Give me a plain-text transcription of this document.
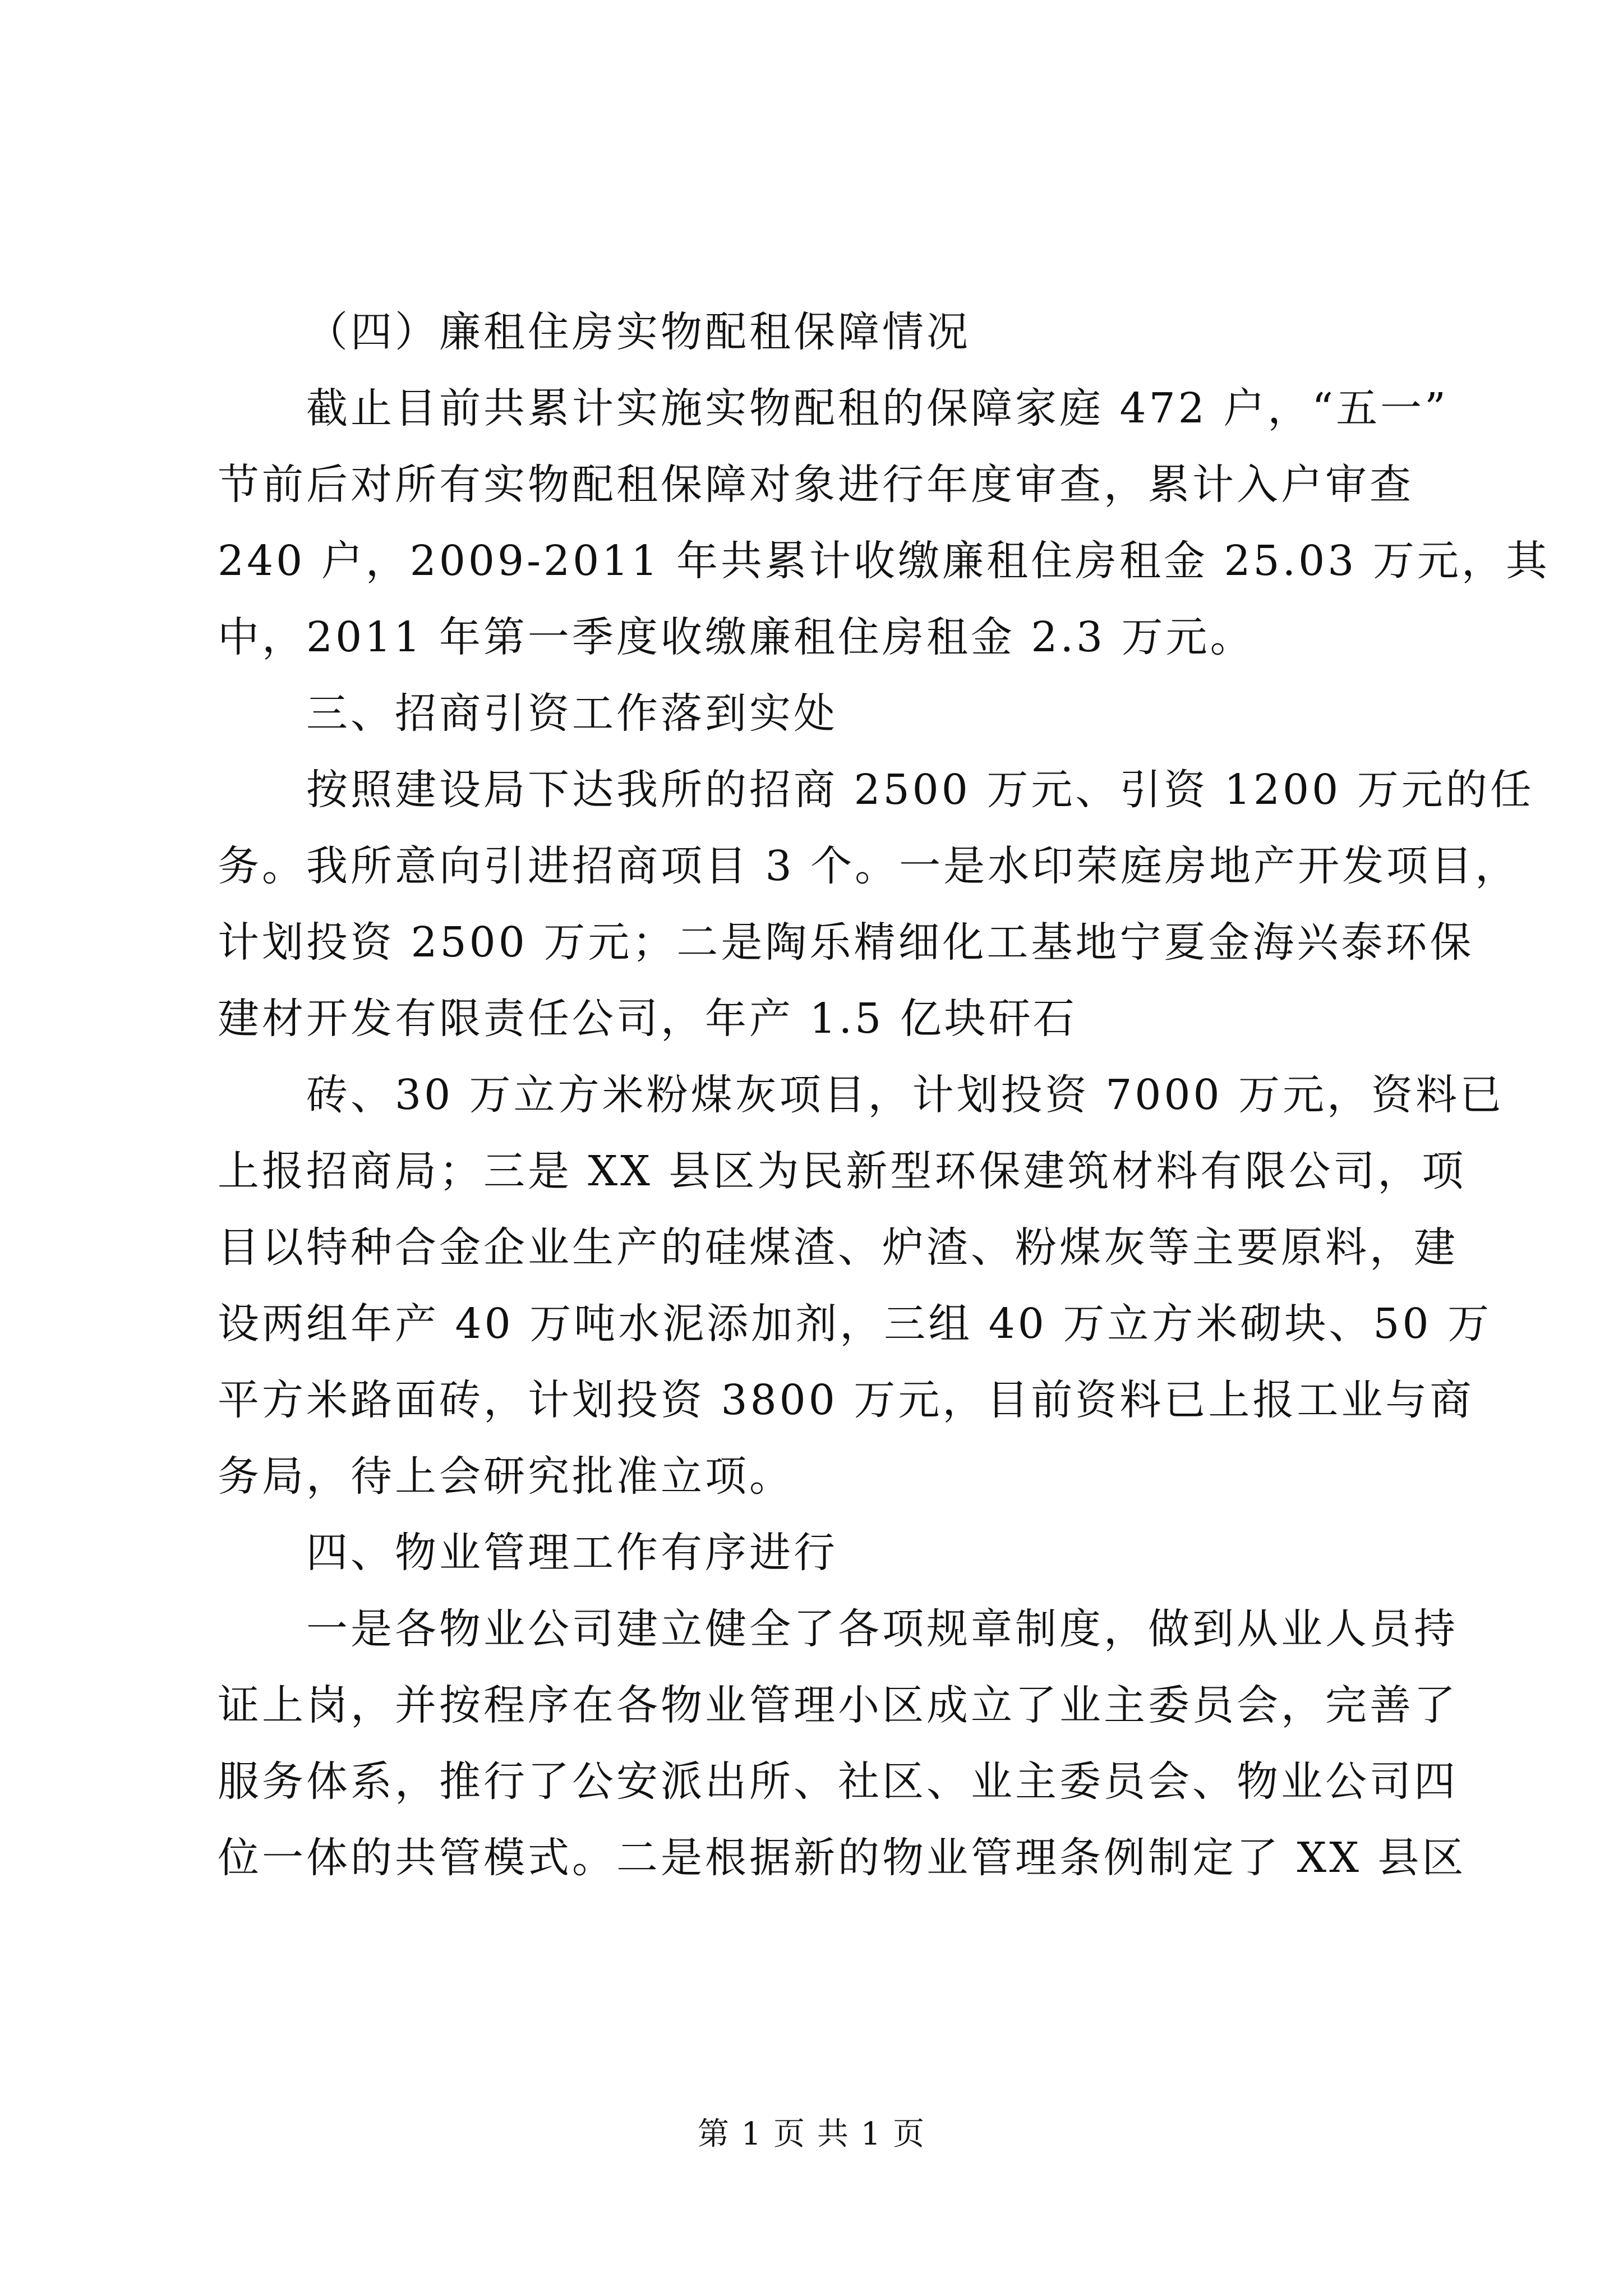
（四）廉租住房实物配租保障情况
截止目前共累计实施实物配租的保障家庭 472 户，“五一”
节前后对所有实物配租保障对象进行年度审查，累计入户审查
240 户，2009-2011 年共累计收缴廉租住房租金 25.03 万元，其
中，2011 年第一季度收缴廉租住房租金 2.3 万元。
三、招商引资工作落到实处
按照建设局下达我所的招商 2500 万元、引资 1200 万元的任
务。我所意向引进招商项目 3 个。一是水印荣庭房地产开发项目，
计划投资 2500 万元；二是陶乐精细化工基地宁夏金海兴泰环保
建材开发有限责任公司，年产 1.5 亿块矸石
砖、30 万立方米粉煤灰项目，计划投资 7000 万元，资料已
上报招商局；三是 XX 县区为民新型环保建筑材料有限公司，项
目以特种合金企业生产的硅煤渣、炉渣、粉煤灰等主要原料，建
设两组年产 40 万吨水泥添加剂，三组 40 万立方米砌块、50 万
平方米路面砖，计划投资 3800 万元，目前资料已上报工业与商
务局，待上会研究批准立项。
四、物业管理工作有序进行
一是各物业公司建立健全了各项规章制度，做到从业人员持
证上岗，并按程序在各物业管理小区成立了业主委员会，完善了
服务体系，推行了公安派出所、社区、业主委员会、物业公司四
位一体的共管模式。二是根据新的物业管理条例制定了 XX 县区
第 1 页 共 1 页
